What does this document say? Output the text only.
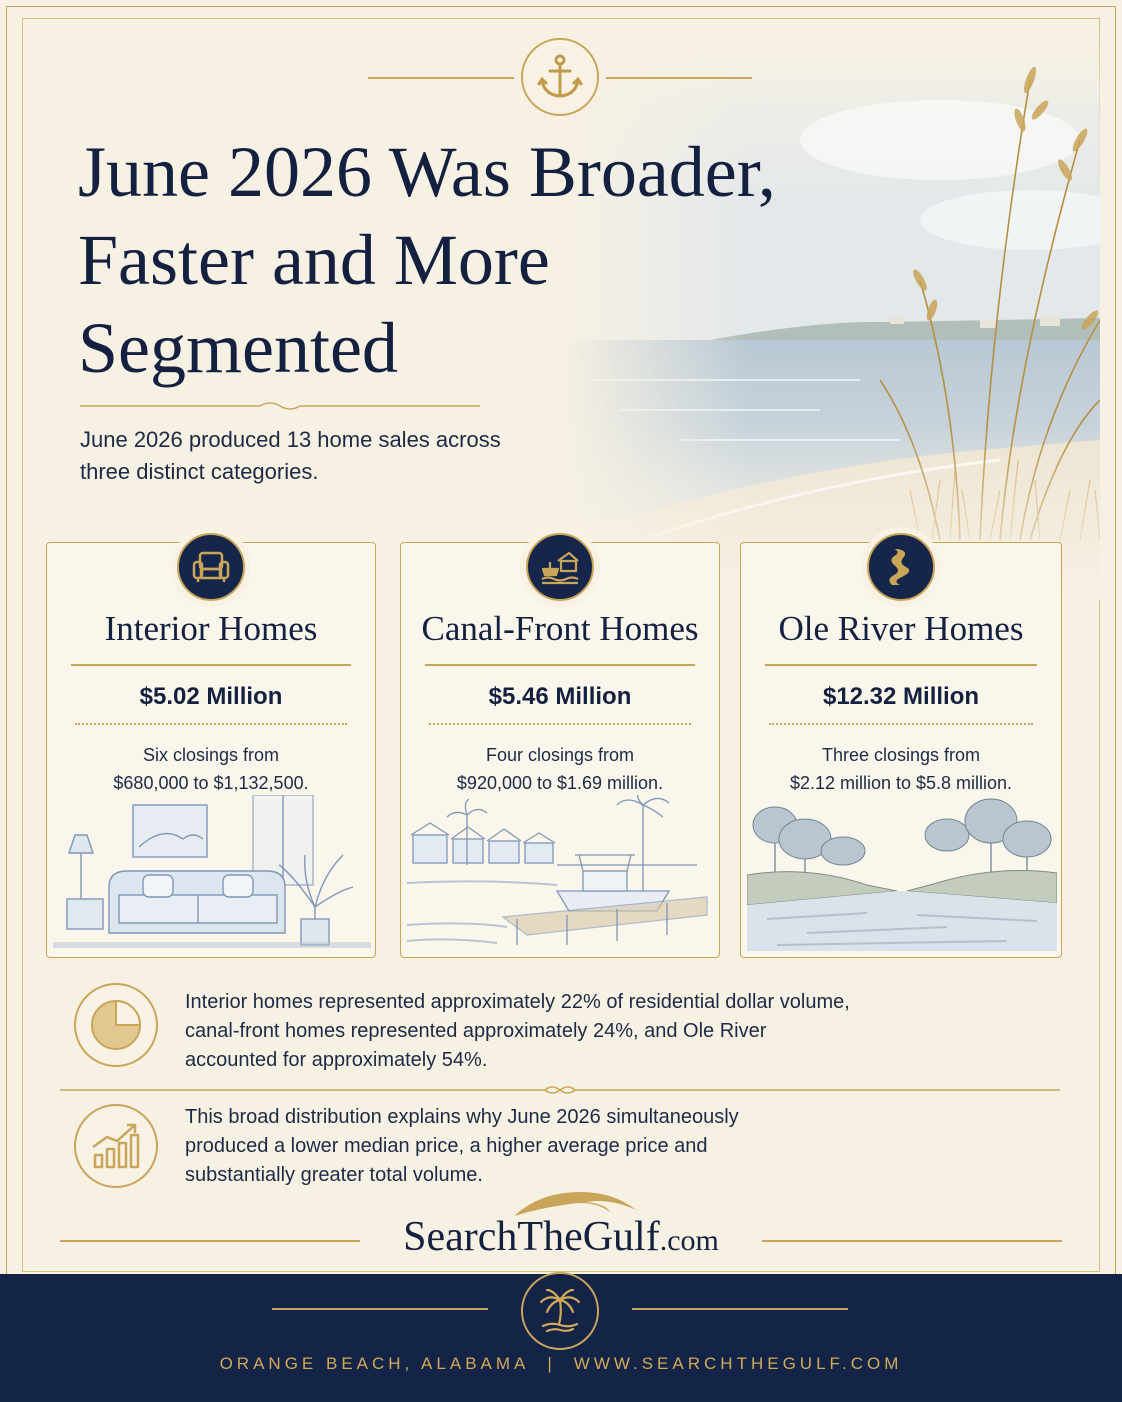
June 2026 Was Broader,
Faster and More
Segmented

June 2026 produced 13 home sales across
three distinct categories.

Interior Homes
$5.02 Million

Six closings from
$680,000 to $1,132,500.

Canal-Front Homes
$5.46 Million

Four closings from
$920,000 to $1.69 million.

Ole River Homes
$12.32 Million

Three closings from
$2.12 million to $5.8 million.

Interior homes represented approximately 22% of residential dollar volume,
canal-front homes represented approximately 24%, and Ole River
accounted for approximately 54%.

This broad distribution explains why June 2026 simultaneously
produced a lower median price, a higher average price and
substantially greater total volume.

SearchTheGulf.com
ORANGE BEACH, ALABAMA | WWW.SEARCHTHEGULF.COM
